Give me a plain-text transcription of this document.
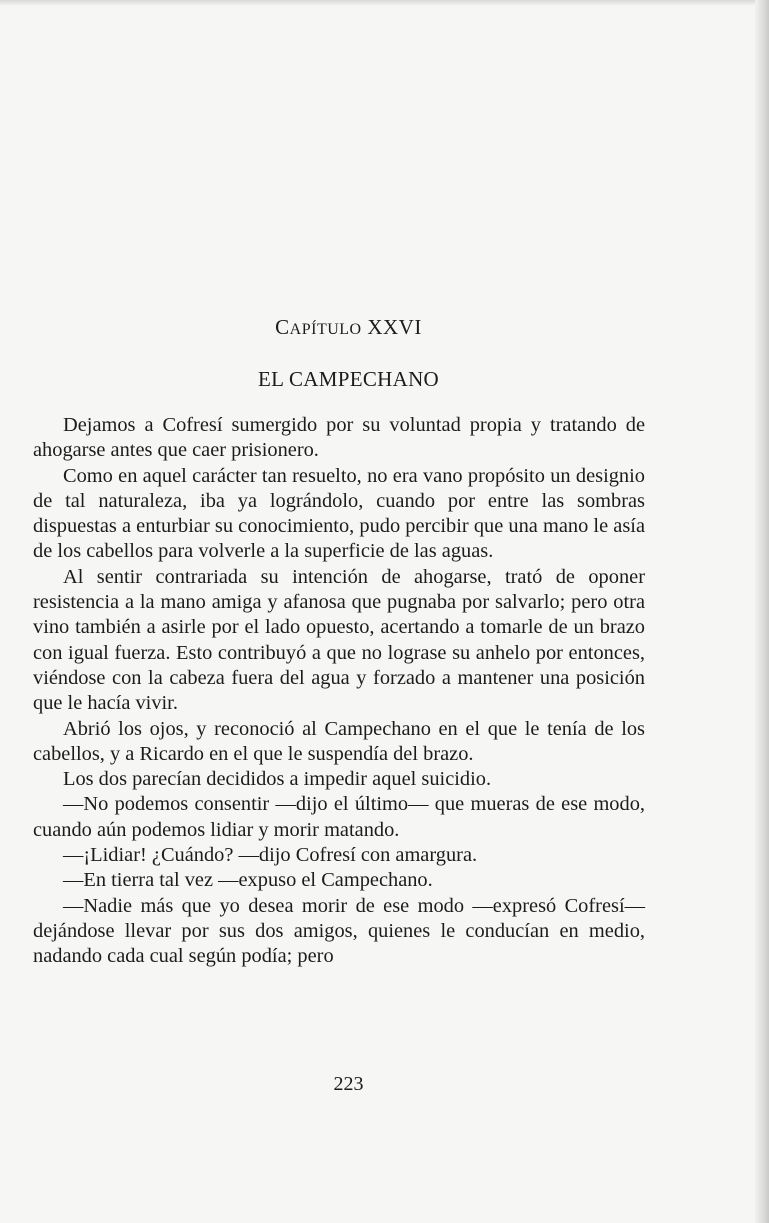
CAPÍTULO XXVI
EL CAMPECHANO

Dejamos a Cofresí sumergido por su voluntad propia y tratando de ahogarse antes que caer prisionero.

Como en aquel carácter tan resuelto, no era vano propósito un designio de tal naturaleza, iba ya lográndolo, cuando por entre las sombras dispuestas a enturbiar su conocimiento, pudo percibir que una mano le asía de los cabellos para volverle a la superficie de las aguas.

Al sentir contrariada su intención de ahogarse, trató de oponer resistencia a la mano amiga y afanosa que pugnaba por salvarlo; pero otra vino también a asirle por el lado opuesto, acertando a tomarle de un brazo con igual fuerza. Esto contribuyó a que no lograse su anhelo por entonces, viéndose con la cabeza fuera del agua y forzado a mantener una posición que le hacía vivir.

Abrió los ojos, y reconoció al Campechano en el que le tenía de los cabellos, y a Ricardo en el que le suspendía del brazo.

Los dos parecían decididos a impedir aquel suicidio.

—No podemos consentir —dijo el último— que mueras de ese modo, cuando aún podemos lidiar y morir matando.

—¡Lidiar! ¿Cuándo? —dijo Cofresí con amargura.

—En tierra tal vez —expuso el Campechano.

—Nadie más que yo desea morir de ese modo —expresó Cofresí— dejándose llevar por sus dos amigos, quienes le conducían en medio, nadando cada cual según podía; pero

223
